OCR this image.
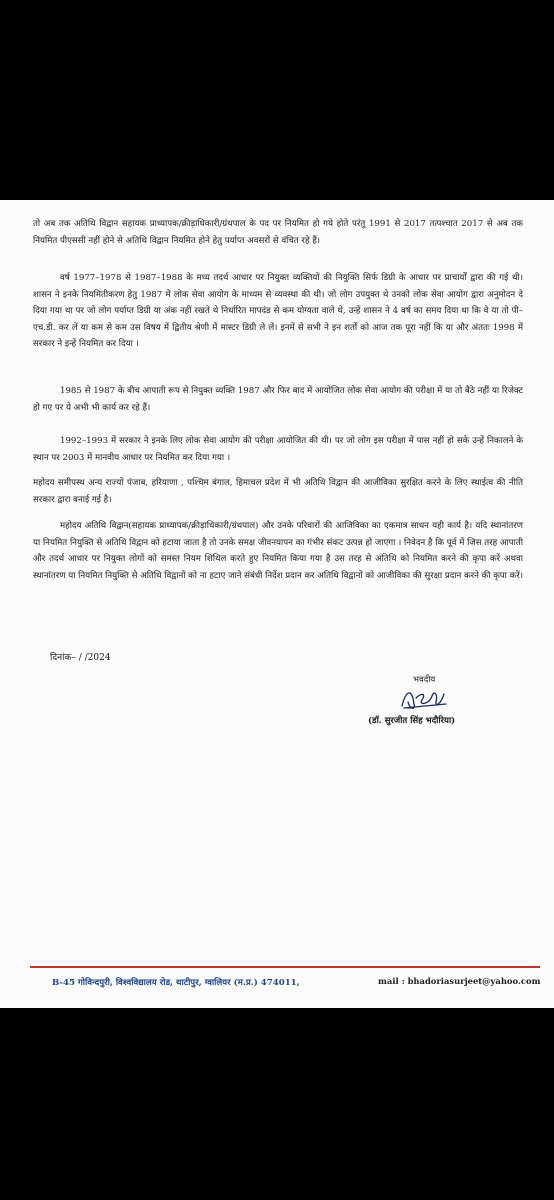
तो अब तक अतिथि विद्वान सहायक प्राध्यापक/क्रीड़ाधिकारी/ग्रंथपाल के पद पर नियमित हो गये होते परंतु 1991 से 2017 तत्पश्चात 2017 से अब तक नियमित पीएससी नहीं होने से अतिथि विद्वान नियमित होने हेतु पर्याप्त अवसरों से वंचित रहे हैं।

वर्ष 1977–1978 से 1987–1988 के मध्य तदर्थ आधार पर नियुक्त व्यक्तियों की नियुक्ति सिर्फ डिग्री के आधार पर प्राचार्यों द्वारा की गई थी। शासन ने इनके नियमितीकरण हेतु 1987 में लोक सेवा आयोग के माध्यम से व्यवस्था की थी। जो लोग उपयुक्त थे उनको लोक सेवा आयोग द्वारा अनुमोदन दे दिया गया था पर जो लोग पर्याप्त डिग्री या अंक नहीं रखते थे निर्धारित मापदंड से कम योग्यता वाले थे, उन्हें शासन ने 4 वर्ष का समय दिया था कि वे या तो पी–एच.डी. कर लें या कम से कम उस विषय में द्वितीय श्रेणी में मास्टर डिग्री ले लें। इनमें से सभी ने इन शर्तों को आज तक पूरा नहीं कि या और अंततः 1998 में सरकार ने इन्हें नियमित कर दिया ।

1985 से 1987 के बीच आपाती रूप से नियुक्त व्यक्ति 1987 और फिर बाद में आयोजित लोक सेवा आयोग की परीक्षा में या तो बैठे नहीं या रिजेक्ट हो गए पर ये अभी भी कार्य कर रहे हैं।

1992–1993 में सरकार ने इनके लिए लोक सेवा आयोग की परीक्षा आयोजित की थी। पर जो लोग इस परीक्षा में पास नहीं हो सके उन्हें निकालने के स्थान पर 2003 में मानवीय आधार पर नियमित कर दिया गया ।

महोदय समीपस्थ अन्य राज्यों पंजाब, हरियाणा , पश्चिम बंगाल, हिमाचल प्रदेश में भी अतिथि विद्वान की आजीविका सुरक्षित करने के लिए स्थाईत्व की नीति सरकार द्वारा बनाई गई है।

महोदय अतिथि विद्वान(सहायक प्राध्यापक/क्रीड़ाधिकारी/ग्रंथपाल) और उनके परिवारों की आजिविका का एकमात्र साधन यही कार्य है। यदि स्थानांतरण या नियमित नियुक्ति से अतिथि विद्वान को हटाया जाता है तो उनके समक्ष जीवनयापन का गंभीर संकट उत्पन्न हो जाएगा । निवेदन है कि पूर्व में जिस तरह आपाती और तदर्थ आधार पर नियुक्त लोगों को समस्त नियम शिथिल करते हुए नियमित किया गया है उस तरह से अतिथि को नियमित करने की कृपा करें अथवा स्थानांतरण या नियमित नियुक्ति से अतिथि विद्वानों को ना हटाए जाने संबंधी निर्देश प्रदान कर अतिथि विद्वानों को आजीविका की सुरक्षा प्रदान करने की कृपा करें।

दिनांक– / /2024
भवदीय
(डॉ. सुरजीत सिंह भदौरिया)
B-45 गोविन्दपुरी, विश्वविद्यालय रोड, थाटीपुर, ग्वालियर (म.प्र.) 474011,	mail : bhadoriasurjeet@yahoo.com
